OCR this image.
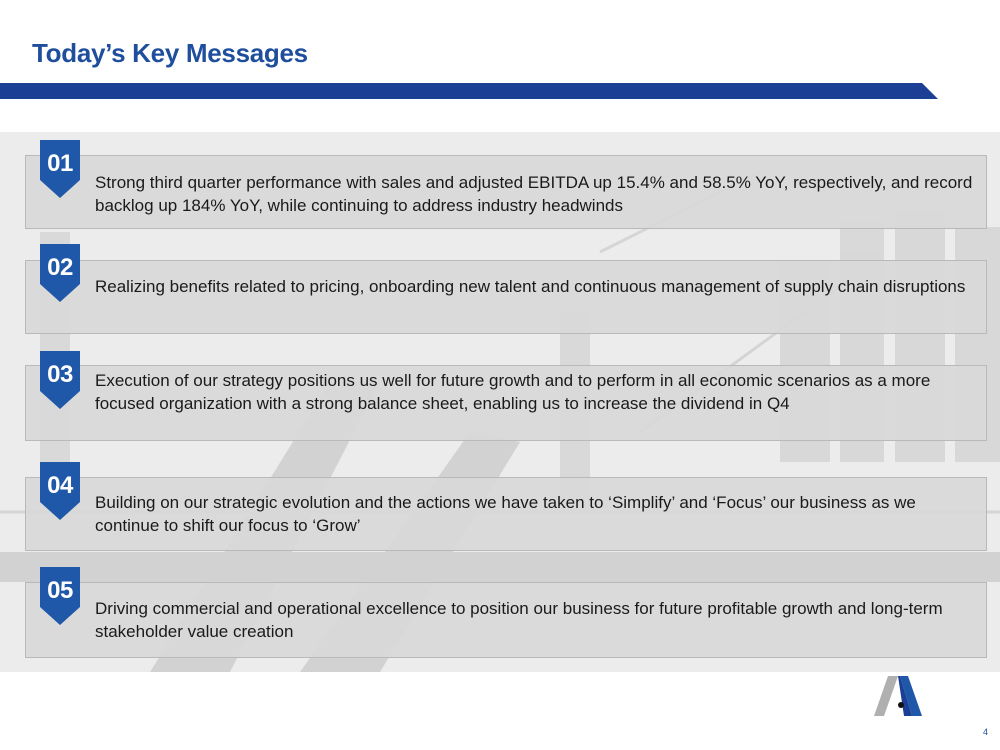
Today’s Key Messages
Strong third quarter performance with sales and adjusted EBITDA up 15.4% and 58.5% YoY, respectively, and record backlog up 184% YoY, while continuing to address industry headwinds
01
Realizing benefits related to pricing, onboarding new talent and continuous management of supply chain disruptions
02
Execution of our strategy positions us well for future growth and to perform in all economic scenarios as a more focused organization with a strong balance sheet, enabling us to increase the dividend in Q4
03
Building on our strategic evolution and the actions we have taken to ‘Simplify’ and ‘Focus’ our business as we continue to shift our focus to ‘Grow’
04
Driving commercial and operational excellence to position our business for future profitable growth and long-term stakeholder value creation
05
4
